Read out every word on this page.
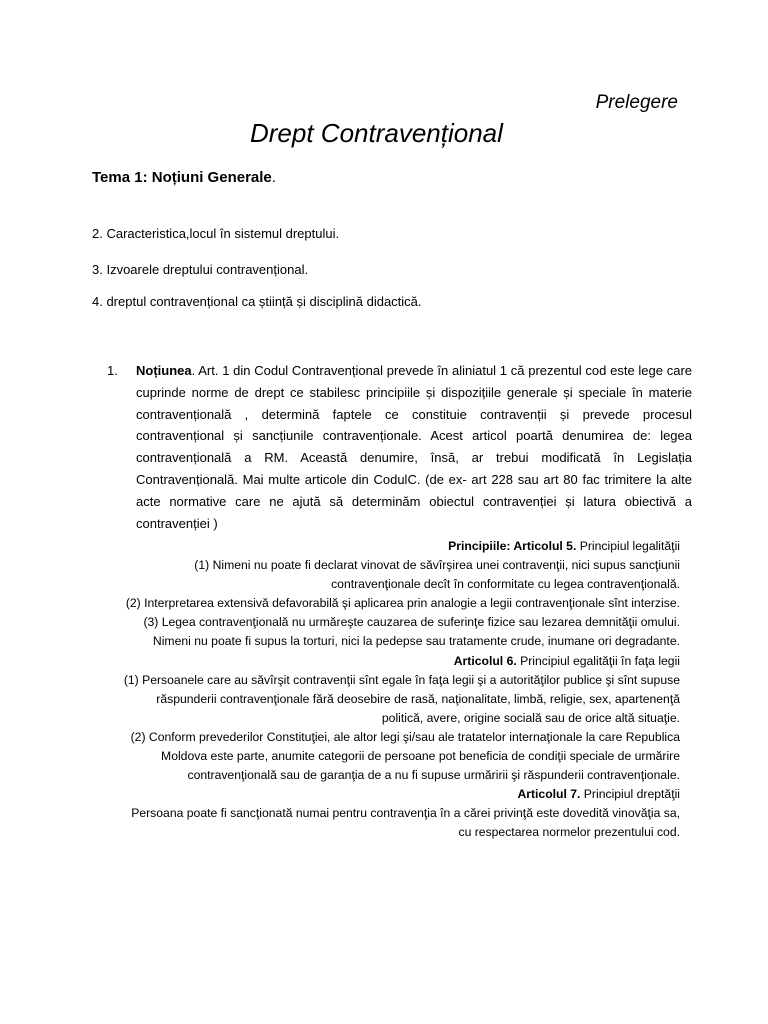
Prelegere
Drept Contravențional
Tema 1: Noțiuni Generale.
2. Caracteristica,locul în sistemul dreptului.
3. Izvoarele dreptului contravențional.
4. dreptul contravențional ca știință și disciplină didactică.
1. Noțiunea. Art. 1 din Codul Contravențional prevede în aliniatul 1 că prezentul cod este lege care cuprinde norme de drept ce stabilesc principiile și dispozițiile generale și speciale în materie contravențională , determină faptele ce constituie contravenții și prevede procesul contravențional și sancțiunile contravenționale. Acest articol poartă denumirea de: legea contravențională a RM. Această denumire, însă, ar trebui modificată în Legislația Contravențională. Mai multe articole din CodulC. (de ex- art 228 sau art 80 fac trimitere la alte acte normative care ne ajută să determinăm obiectul contravenției și latura obiectivă a contravenției )

Principiile: Articolul 5. Principiul legalităţii

(1) Nimeni nu poate fi declarat vinovat de săvîrşirea unei contravenţii, nici supus sancţiunii contravenţionale decît în conformitate cu legea contravenţională.

(2) Interpretarea extensivă defavorabilă şi aplicarea prin analogie a legii contravenţionale sînt interzise.

(3) Legea contravenţională nu urmăreşte cauzarea de suferinţe fizice sau lezarea demnităţii omului. Nimeni nu poate fi supus la torturi, nici la pedepse sau tratamente crude, inumane ori degradante.

Articolul 6. Principiul egalităţii în faţa legii

(1) Persoanele care au săvîrşit contravenţii sînt egale în faţa legii şi a autorităţilor publice şi sînt supuse răspunderii contravenţionale fără deosebire de rasă, naţionalitate, limbă, religie, sex, apartenenţă politică, avere, origine socială sau de orice altă situaţie.

(2) Conform prevederilor Constituţiei, ale altor legi şi/sau ale tratatelor internaţionale la care Republica Moldova este parte, anumite categorii de persoane pot beneficia de condiţii speciale de urmărire contravenţională sau de garanţia de a nu fi supuse urmăririi şi răspunderii contravenţionale.

Articolul 7. Principiul dreptăţii

Persoana poate fi sancţionată numai pentru contravenţia în a cărei privinţă este dovedită vinovăţia sa, cu respectarea normelor prezentului cod.
